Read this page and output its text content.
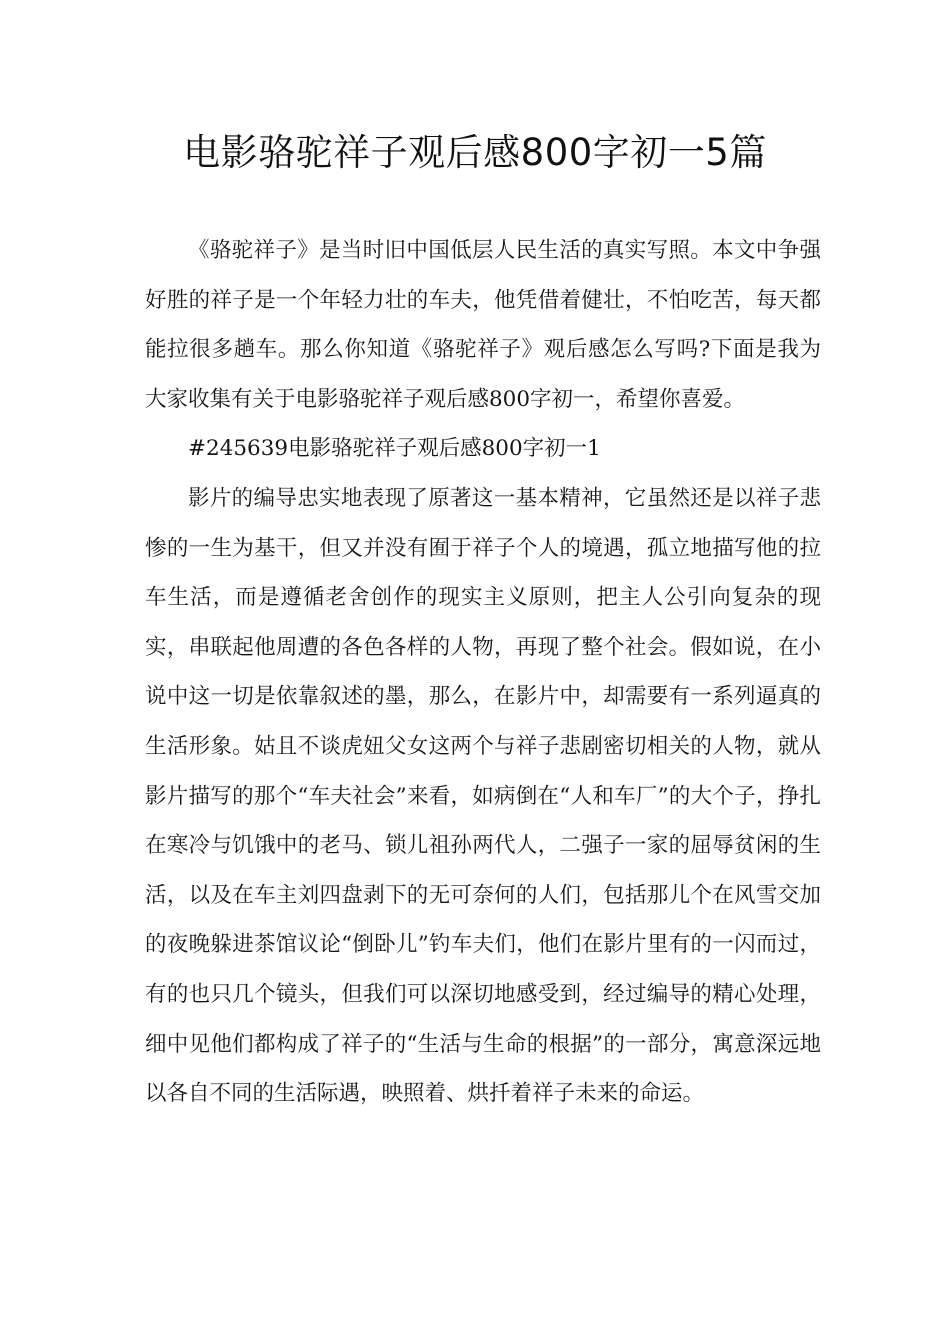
电影骆驼祥子观后感800字初一5篇

《骆驼祥子》是当时旧中国低层人民生活的真实写照。本文中争强好胜的祥子是一个年轻力壮的车夫，他凭借着健壮，不怕吃苦，每天都能拉很多趟车。那么你知道《骆驼祥子》观后感怎么写吗?下面是我为大家收集有关于电影骆驼祥子观后感800字初一，希望你喜爱。

#245639电影骆驼祥子观后感800字初一1

影片的编导忠实地表现了原著这一基本精神，它虽然还是以祥子悲惨的一生为基干，但又并没有囿于祥子个人的境遇，孤立地描写他的拉车生活，而是遵循老舍创作的现实主义原则，把主人公引向复杂的现实，串联起他周遭的各色各样的人物，再现了整个社会。假如说，在小说中这一切是依靠叙述的墨，那么，在影片中，却需要有一系列逼真的生活形象。姑且不谈虎妞父女这两个与祥子悲剧密切相关的人物，就从影片描写的那个“车夫社会”来看，如病倒在“人和车厂”的大个子，挣扎在寒冷与饥饿中的老马、锁儿祖孙两代人，二强子一家的屈辱贫闲的生活，以及在车主刘四盘剥下的无可奈何的人们，包括那儿个在风雪交加的夜晚躲进茶馆议论“倒卧儿”钓车夫们，他们在影片里有的一闪而过，有的也只几个镜头，但我们可以深切地感受到，经过编导的精心处理，细中见他们都构成了祥子的“生活与生命的根据”的一部分，寓意深远地以各自不同的生活际遇，映照着、烘扦着祥子未来的命运。
